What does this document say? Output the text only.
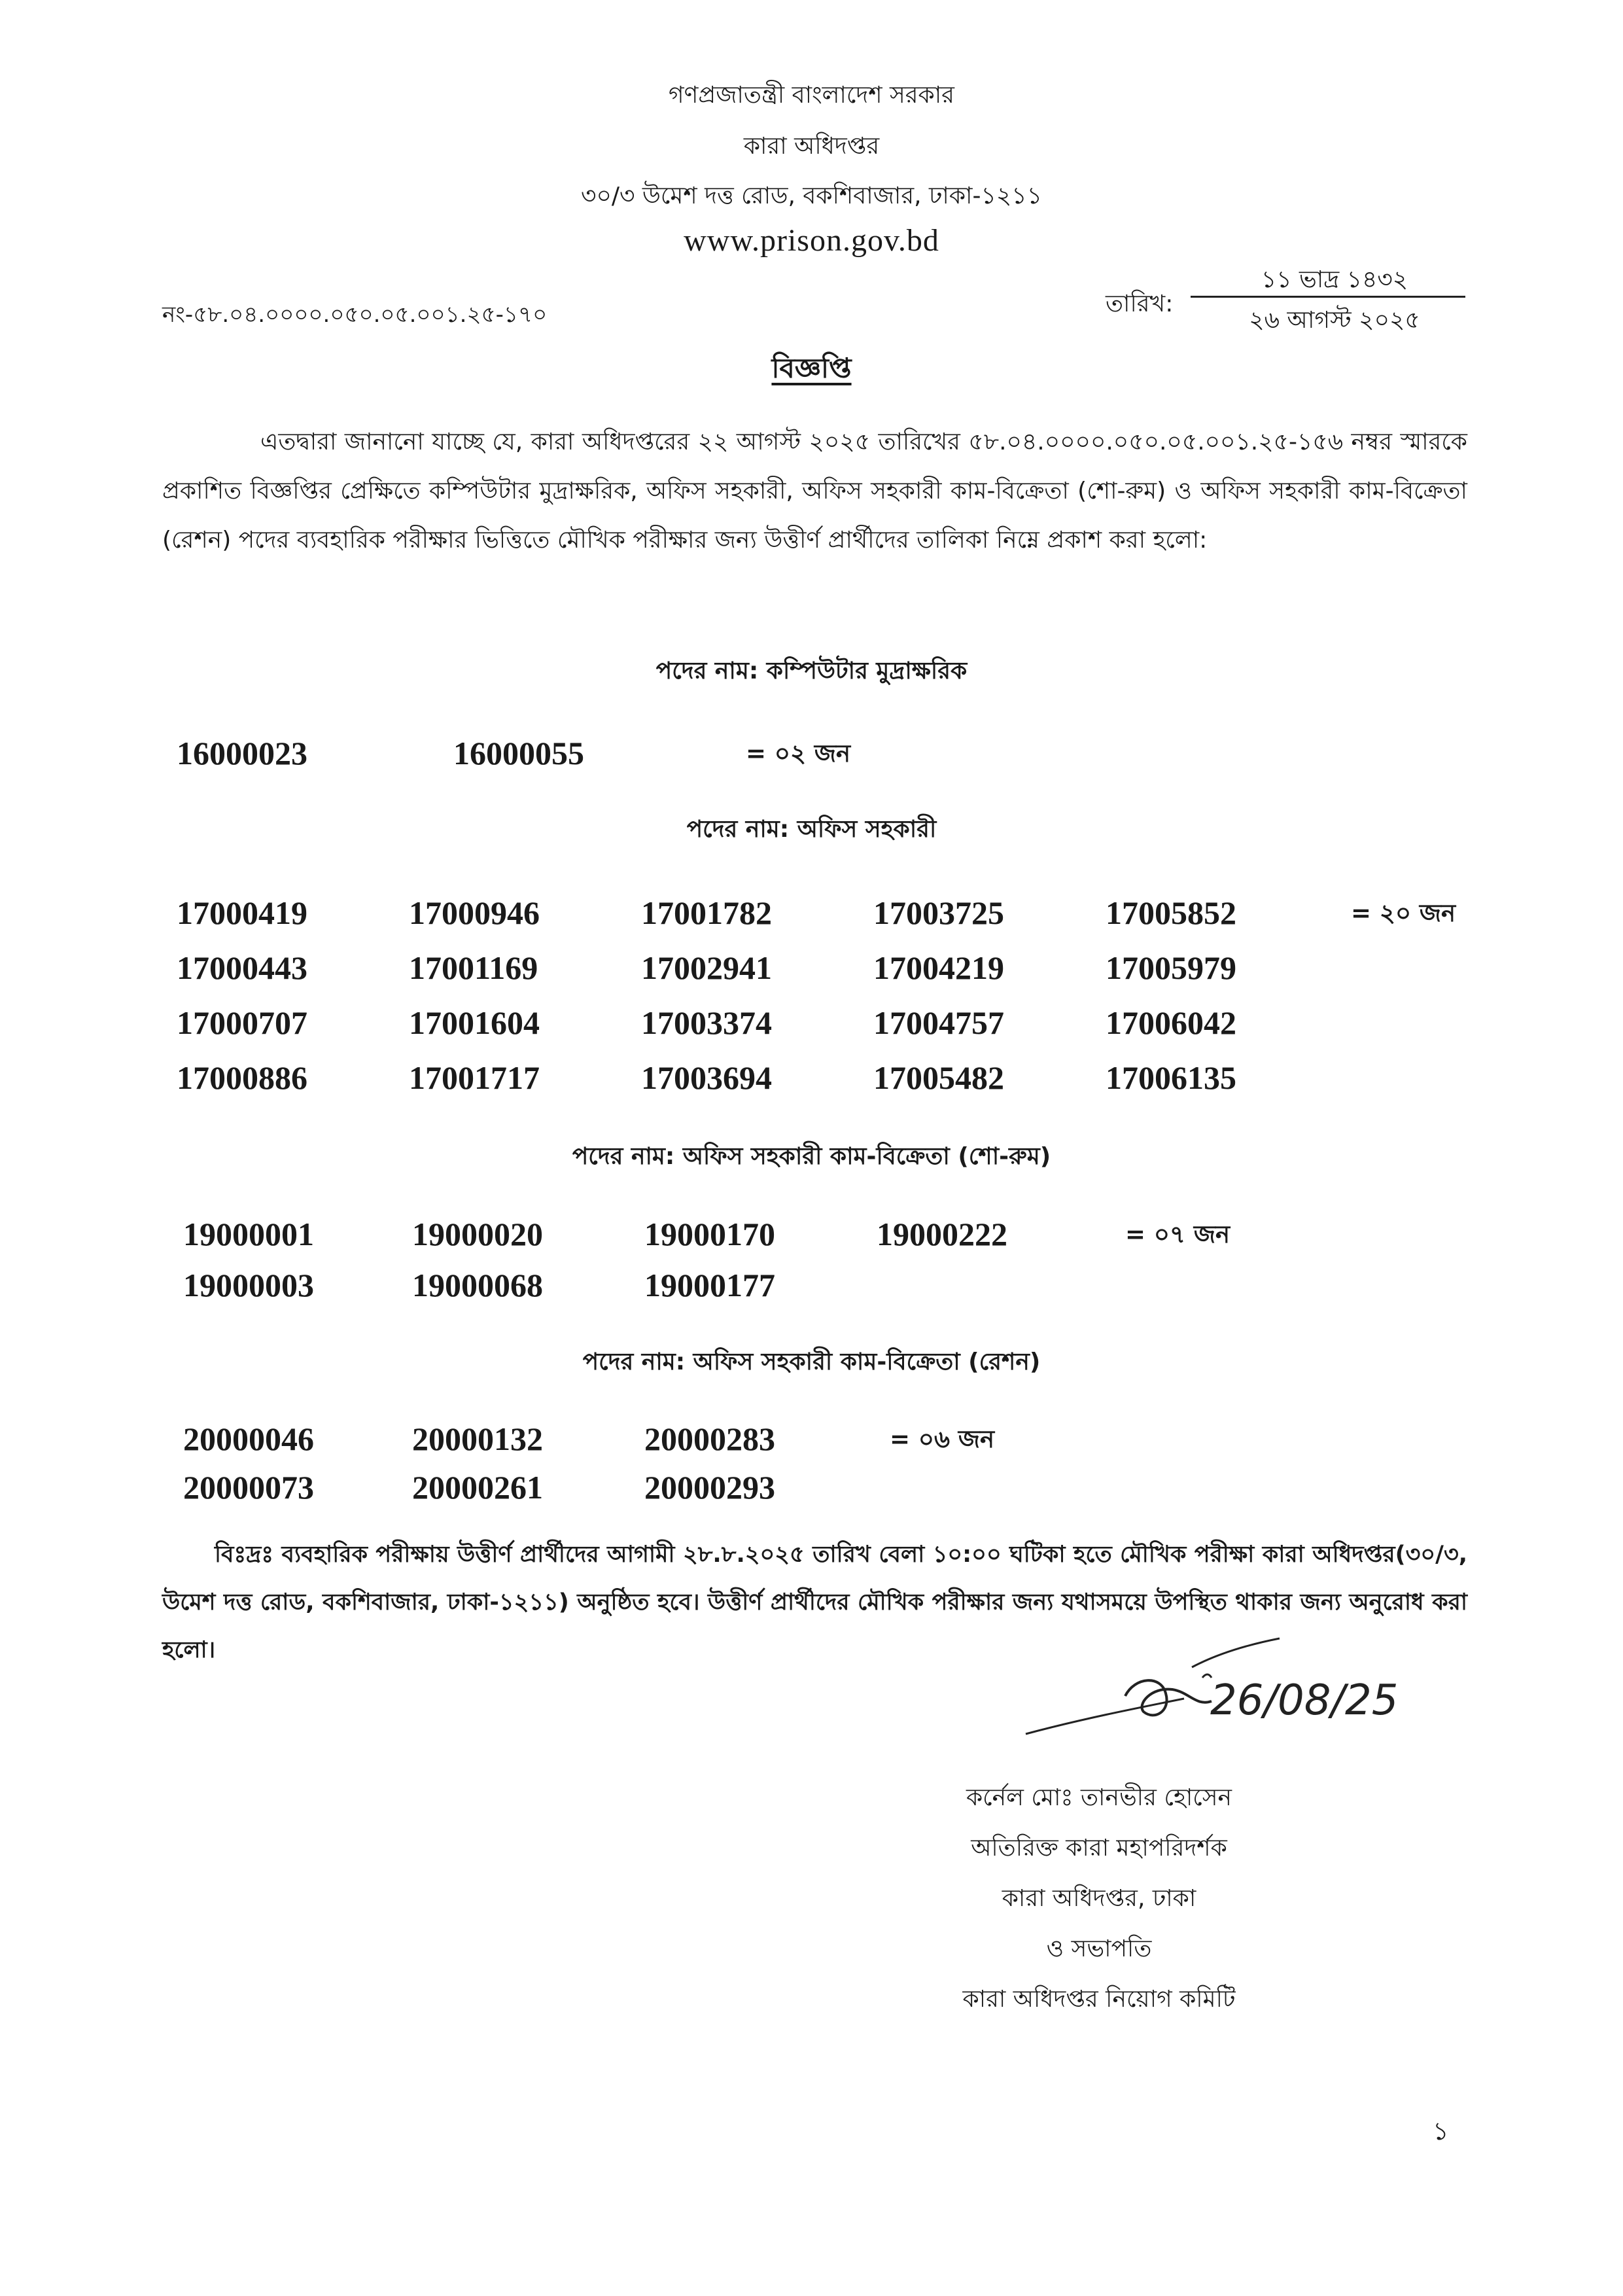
গণপ্রজাতন্ত্রী বাংলাদেশ সরকার
কারা অধিদপ্তর
৩০/৩ উমেশ দত্ত রোড, বকশিবাজার, ঢাকা-১২১১
www.prison.gov.bd
নং-৫৮.০৪.০০০০.০৫০.০৫.০০১.২৫-১৭০	তারিখ:
১১ ভাদ্র ১৪৩২
২৬ আগস্ট ২০২৫
বিজ্ঞপ্তি

এতদ্বারা জানানো যাচ্ছে যে, কারা অধিদপ্তরের ২২ আগস্ট ২০২৫ তারিখের ৫৮.০৪.০০০০.০৫০.০৫.০০১.২৫-১৫৬ নম্বর স্মারকে প্রকাশিত বিজ্ঞপ্তির প্রেক্ষিতে কম্পিউটার মুদ্রাক্ষরিক, অফিস সহকারী, অফিস সহকারী কাম-বিক্রেতা (শো-রুম) ও অফিস সহকারী কাম-বিক্রেতা (রেশন) পদের ব্যবহারিক পরীক্ষার ভিত্তিতে মৌখিক পরীক্ষার জন্য উত্তীর্ণ প্রার্থীদের তালিকা নিম্নে প্রকাশ করা হলো:

পদের নাম: কম্পিউটার মুদ্রাক্ষরিক
16000023	16000055	= ০২ জন
পদের নাম: অফিস সহকারী
17000419	17000946	17001782	17003725	17005852	= ২০ জন
17000443	17001169	17002941	17004219	17005979
17000707	17001604	17003374	17004757	17006042
17000886	17001717	17003694	17005482	17006135
পদের নাম: অফিস সহকারী কাম-বিক্রেতা (শো-রুম)
19000001	19000020	19000170	19000222	= ০৭ জন
19000003	19000068	19000177
পদের নাম: অফিস সহকারী কাম-বিক্রেতা (রেশন)
20000046	20000132	20000283	= ০৬ জন
20000073	20000261	20000293

বিঃদ্রঃ ব্যবহারিক পরীক্ষায় উত্তীর্ণ প্রার্থীদের আগামী ২৮.৮.২০২৫ তারিখ বেলা ১০:০০ ঘটিকা হতে মৌখিক পরীক্ষা কারা অধিদপ্তর(৩০/৩, উমেশ দত্ত রোড, বকশিবাজার, ঢাকা-১২১১) অনুষ্ঠিত হবে। উত্তীর্ণ প্রার্থীদের মৌখিক পরীক্ষার জন্য যথাসময়ে উপস্থিত থাকার জন্য অনুরোধ করা হলো।

26/08/25
কর্নেল মোঃ তানভীর হোসেন
অতিরিক্ত কারা মহাপরিদর্শক
কারা অধিদপ্তর, ঢাকা
ও সভাপতি
কারা অধিদপ্তর নিয়োগ কমিটি
১
